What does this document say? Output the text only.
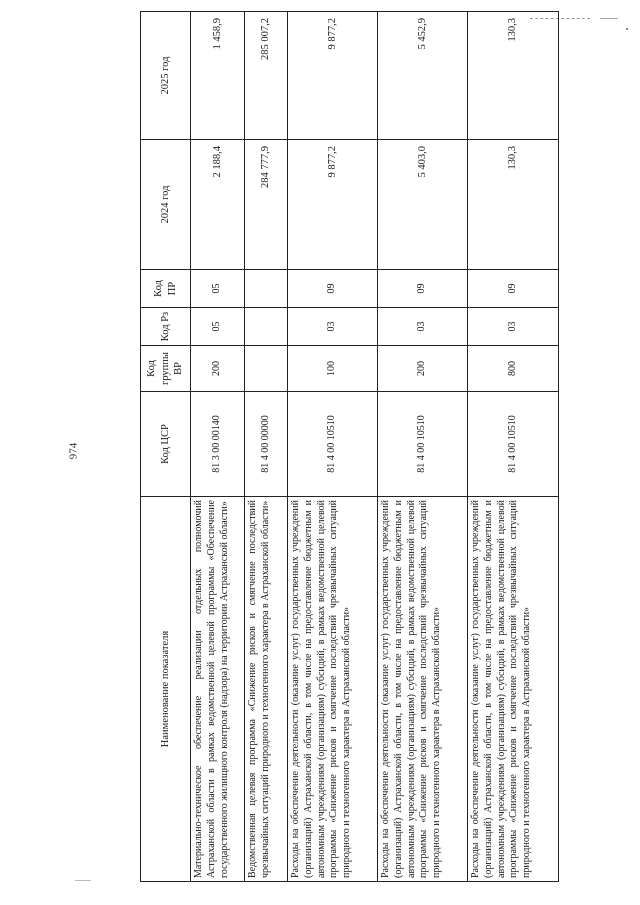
974
Наименование показателя	Код ЦСР	Код группы ВР	Код Рз	Код ПР	2024 год	2025 год
Материально-техническое обеспечение реализации отдельных полномочий Астраханской области в рамках ведомственной целевой программы «Обеспечение государственного жилищного контроля (надзора) на территории Астраханской области»	81 3 00 00140	200	05	05	2 188,4	1 458,9
Ведомственная целевая программа «Снижение рисков и смягчение последствий чрезвычайных ситуаций природного и техногенного характера в Астраханской области»	81 4 00 00000				284 777,9	285 007,2
Расходы на обеспечение деятельности (оказание услуг) государственных учреждений (организаций) Астраханской области, в том числе на предоставление бюджетным и автономным учреждениям (организациям) субсидий, в рамках ведомственной целевой программы «Снижение рисков и смягчение последствий чрезвычайных ситуаций природного и техногенного характера в Астраханской области»	81 4 00 10510	100	03	09	9 877,2	9 877,2
Расходы на обеспечение деятельности (оказание услуг) государственных учреждений (организаций) Астраханской области, в том числе на предоставление бюджетным и автономным учреждениям (организациям) субсидий, в рамках ведомственной целевой программы «Снижение рисков и смягчение последствий чрезвычайных ситуаций природного и техногенного характера в Астраханской области»	81 4 00 10510	200	03	09	5 403,0	5 452,9
Расходы на обеспечение деятельности (оказание услуг) государственных учреждений (организаций) Астраханской области, в том числе на предоставление бюджетным и автономным учреждениям (организациям) субсидий, в рамках ведомственной целевой программы «Снижение рисков и смягчение последствий чрезвычайных ситуаций природного и техногенного характера в Астраханской области»	81 4 00 10510	800	03	09	130,3	130,3
